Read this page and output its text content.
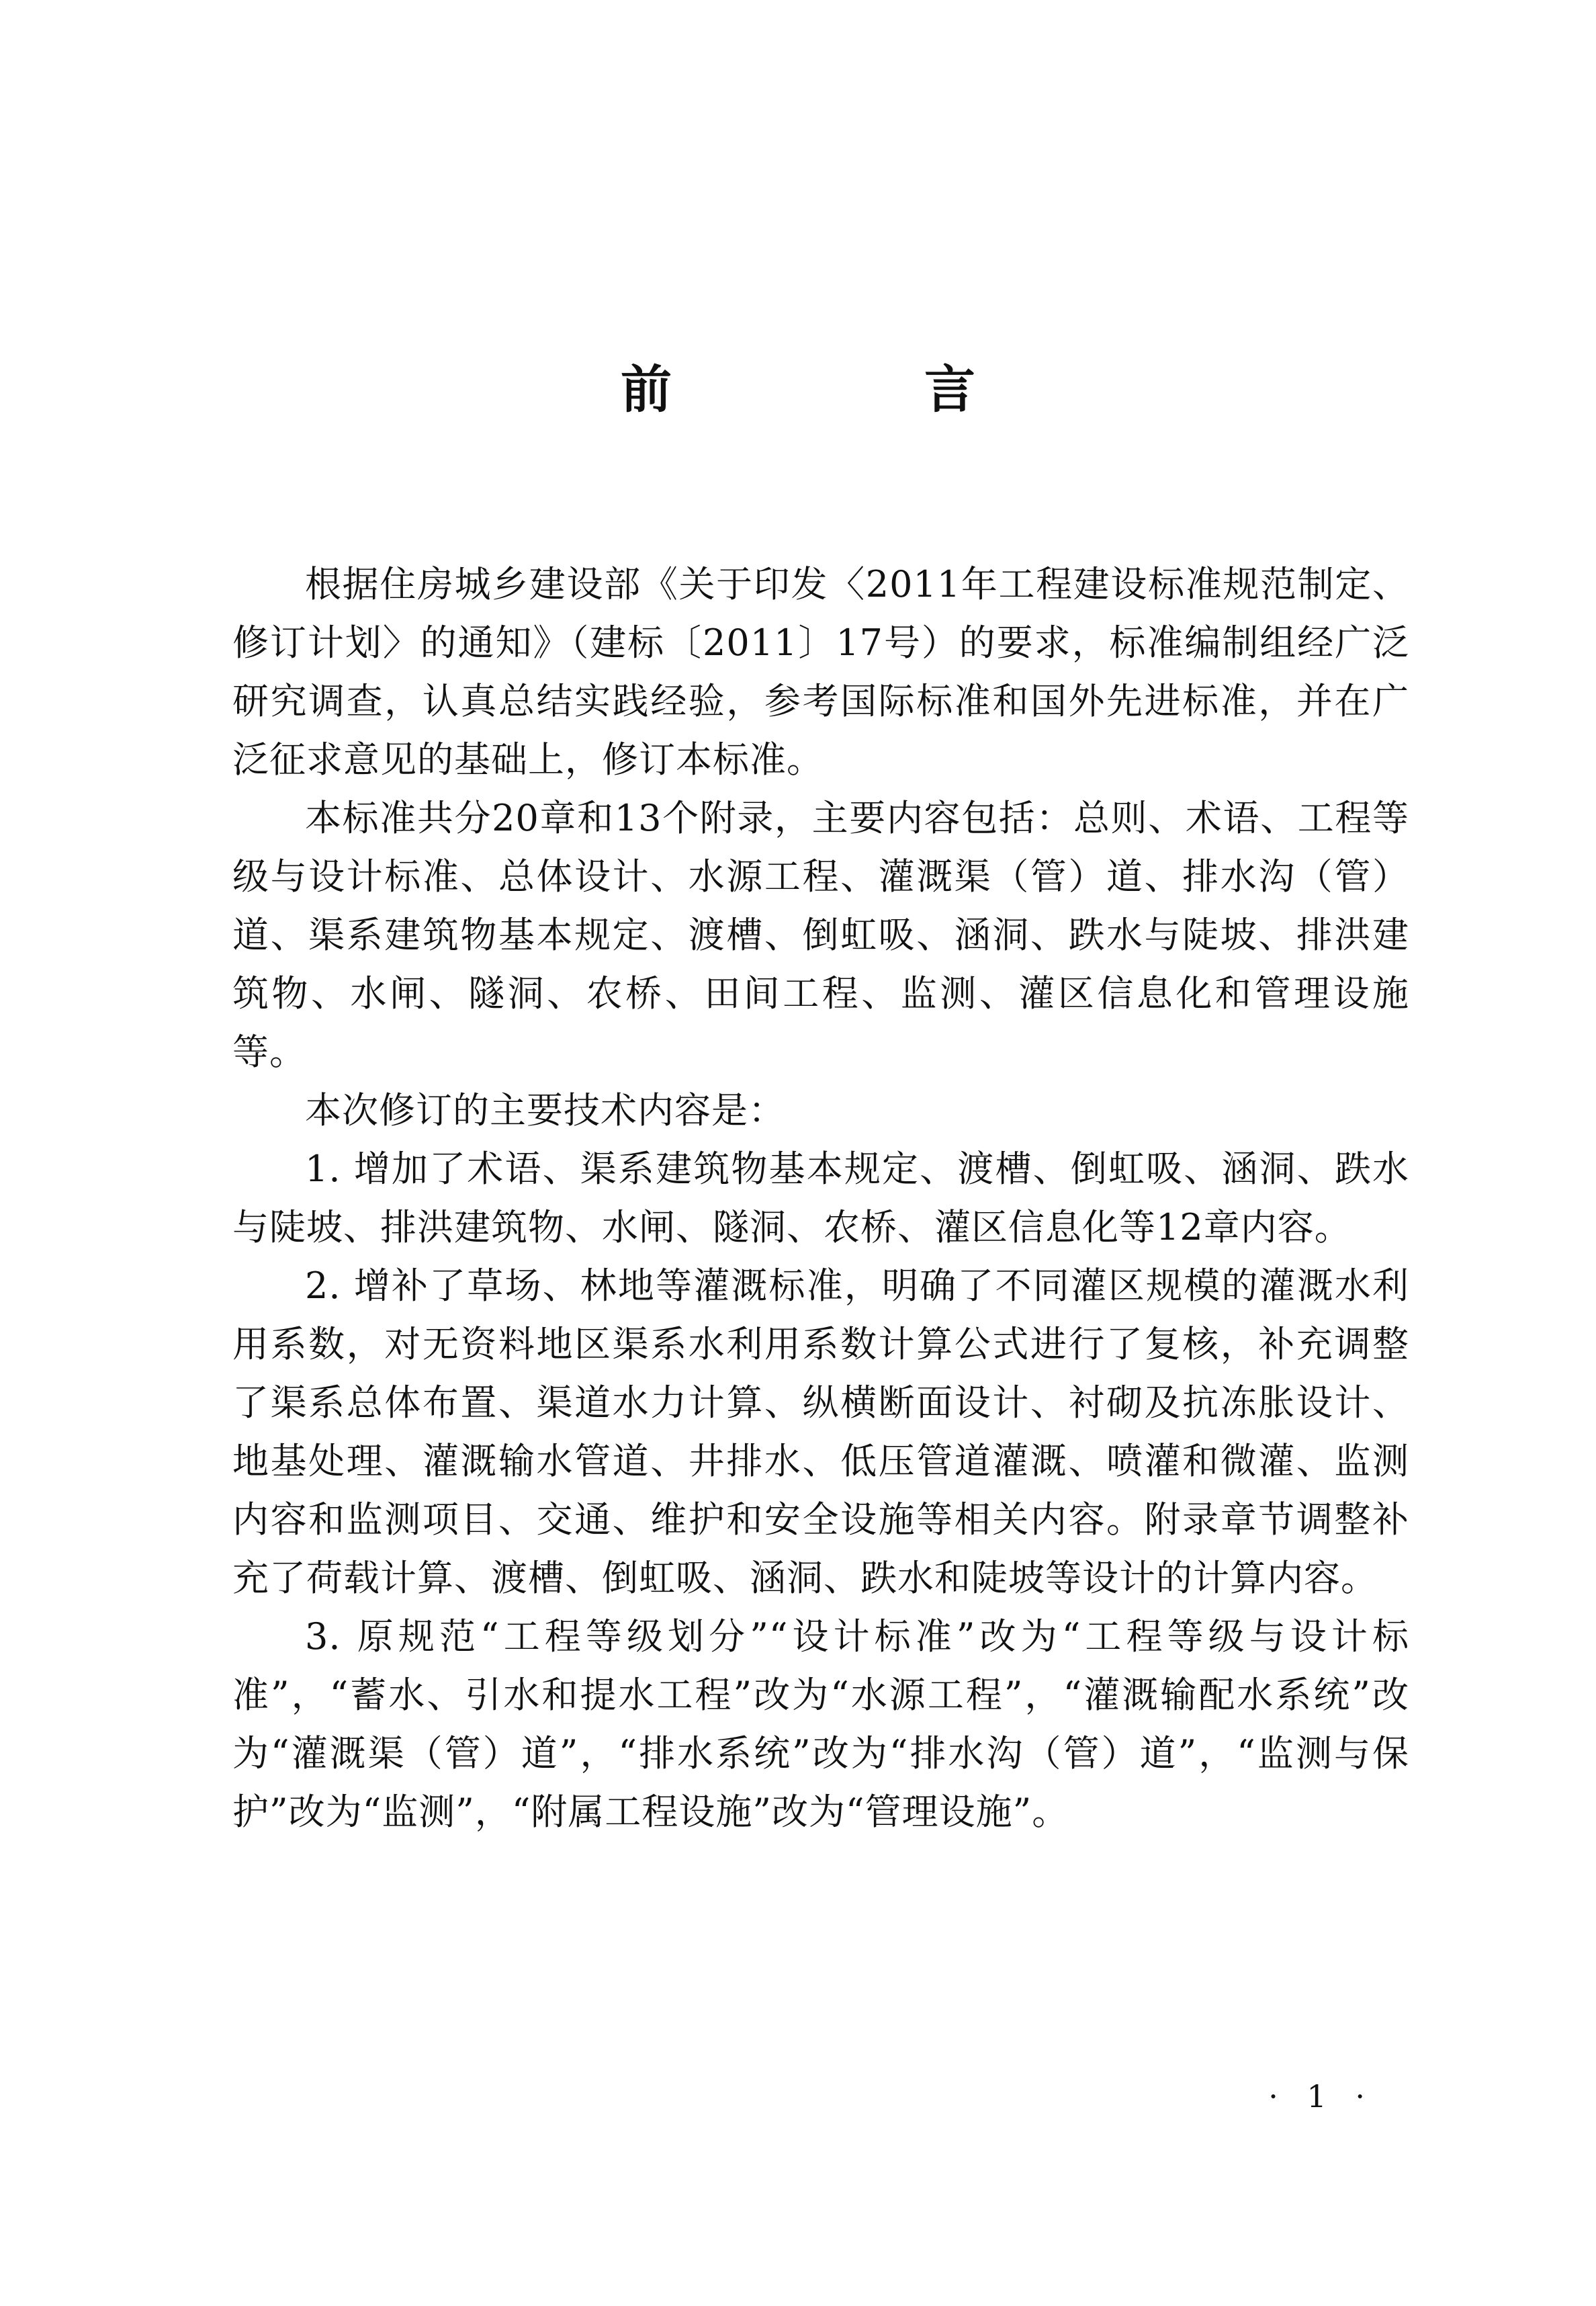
前　言

根据住房城乡建设部《关于印发〈2011年工程建设标准规范制定、修订计划〉的通知》（建标〔2011〕17号）的要求，标准编制组经广泛研究调查，认真总结实践经验，参考国际标准和国外先进标准，并在广泛征求意见的基础上，修订本标准。

本标准共分20章和13个附录，主要内容包括：总则、术语、工程等级与设计标准、总体设计、水源工程、灌溉渠（管）道、排水沟（管）道、渠系建筑物基本规定、渡槽、倒虹吸、涵洞、跌水与陡坡、排洪建筑物、水闸、隧洞、农桥、田间工程、监测、灌区信息化和管理设施等。

本次修订的主要技术内容是：

1. 增加了术语、渠系建筑物基本规定、渡槽、倒虹吸、涵洞、跌水与陡坡、排洪建筑物、水闸、隧洞、农桥、灌区信息化等12章内容。

2. 增补了草场、林地等灌溉标准，明确了不同灌区规模的灌溉水利用系数，对无资料地区渠系水利用系数计算公式进行了复核，补充调整了渠系总体布置、渠道水力计算、纵横断面设计、衬砌及抗冻胀设计、地基处理、灌溉输水管道、井排水、低压管道灌溉、喷灌和微灌、监测内容和监测项目、交通、维护和安全设施等相关内容。附录章节调整补充了荷载计算、渡槽、倒虹吸、涵洞、跌水和陡坡等设计的计算内容。

3. 原规范“工程等级划分”“设计标准”改为“工程等级与设计标准”，“蓄水、引水和提水工程”改为“水源工程”，“灌溉输配水系统”改为“灌溉渠（管）道”，“排水系统”改为“排水沟（管）道”，“监测与保护”改为“监测”，“附属工程设施”改为“管理设施”。

· 1 ·
